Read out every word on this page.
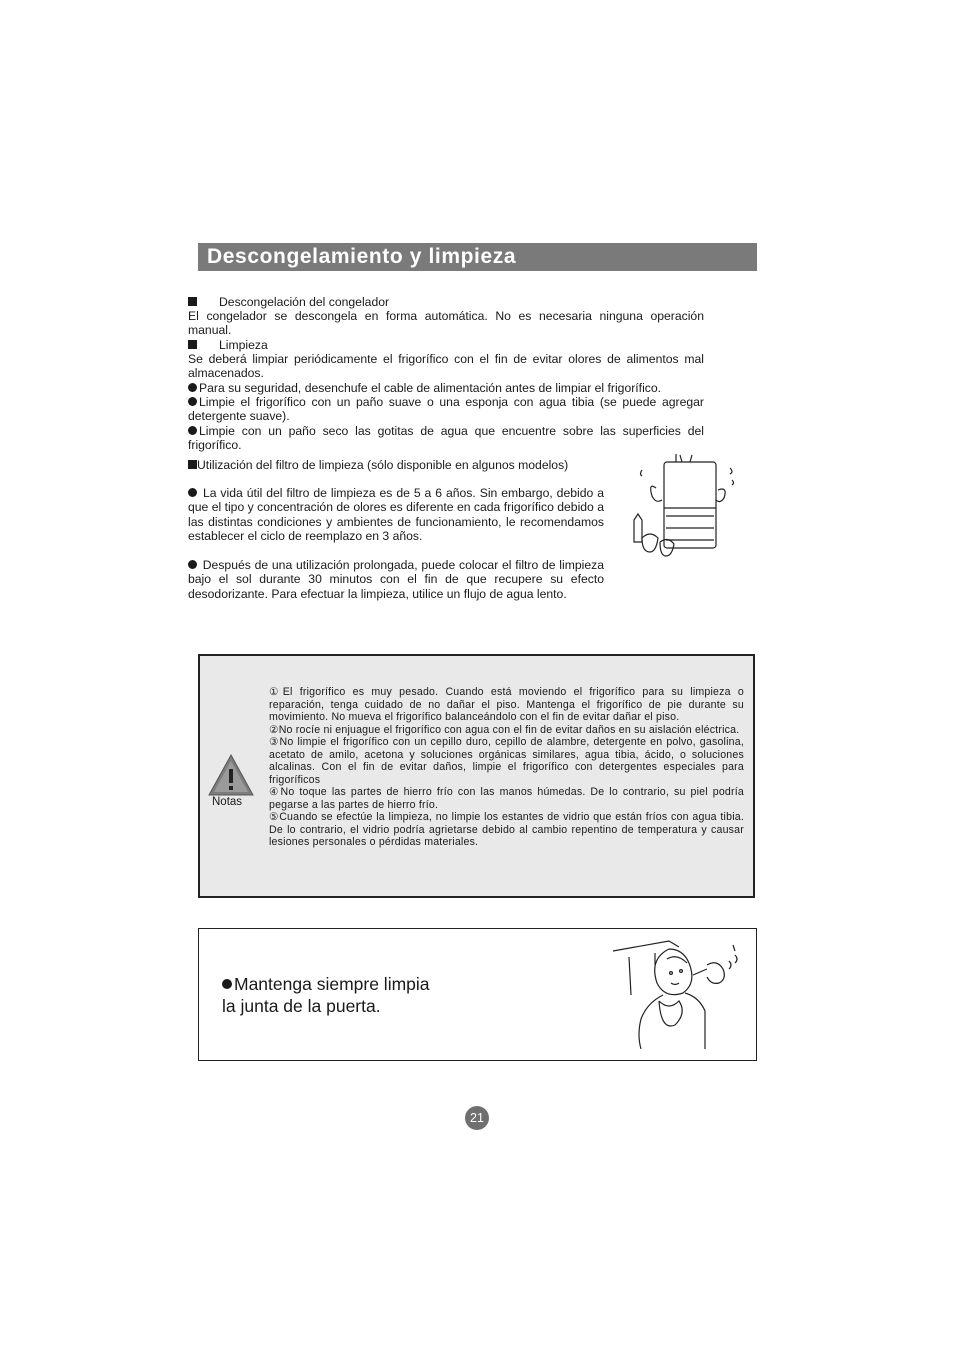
Descongelamiento y limpieza

Descongelación del congelador

El congelador se descongela en forma automática. No es necesaria ninguna operación manual.

Limpieza

Se deberá limpiar periódicamente el frigorífico con el fin de evitar olores de alimentos mal almacenados.

Para su seguridad, desenchufe el cable de alimentación antes de limpiar el frigorífico.

Limpie el frigorífico con un paño suave o una esponja con agua tibia (se puede agregar detergente suave).

Limpie con un paño seco las gotitas de agua que encuentre sobre las superficies del frigorífico.

Utilización del filtro de limpieza (sólo disponible en algunos modelos)

La vida útil del filtro de limpieza es de 5 a 6 años. Sin embargo, debido a que el tipo y concentración de olores es diferente en cada frigorífico debido a las distintas condiciones y ambientes de funcionamiento, le recomendamos establecer el ciclo de reemplazo en 3 años.

Después de una utilización prolongada, puede colocar el filtro de limpieza bajo el sol durante 30 minutos con el fin de que recupere su efecto desodorizante. Para efectuar la limpieza, utilice un flujo de agua lento.

Notas

①El frigorífico es muy pesado. Cuando está moviendo el frigorífico para su limpieza o reparación, tenga cuidado de no dañar el piso. Mantenga el frigorífico de pie durante su movimiento. No mueva el frigorífico balanceándolo con el fin de evitar dañar el piso.

②No rocíe ni enjuague el frigorífico con agua con el fin de evitar daños en su aislación eléctrica.

③No limpie el frigorífico con un cepillo duro, cepillo de alambre, detergente en polvo, gasolina, acetato de amilo, acetona y soluciones orgánicas similares, agua tibia, ácido, o soluciones alcalinas. Con el fin de evitar daños, limpie el frigorífico con detergentes especiales para frigoríficos

④No toque las partes de hierro frío con las manos húmedas. De lo contrario, su piel podría pegarse a las partes de hierro frío.

⑤Cuando se efectúe la limpieza, no limpie los estantes de vidrio que están fríos con agua tibia. De lo contrario, el vidrio podría agrietarse debido al cambio repentino de temperatura y causar lesiones personales o pérdidas materiales.

Mantenga siempre limpia
la junta de la puerta.
21
